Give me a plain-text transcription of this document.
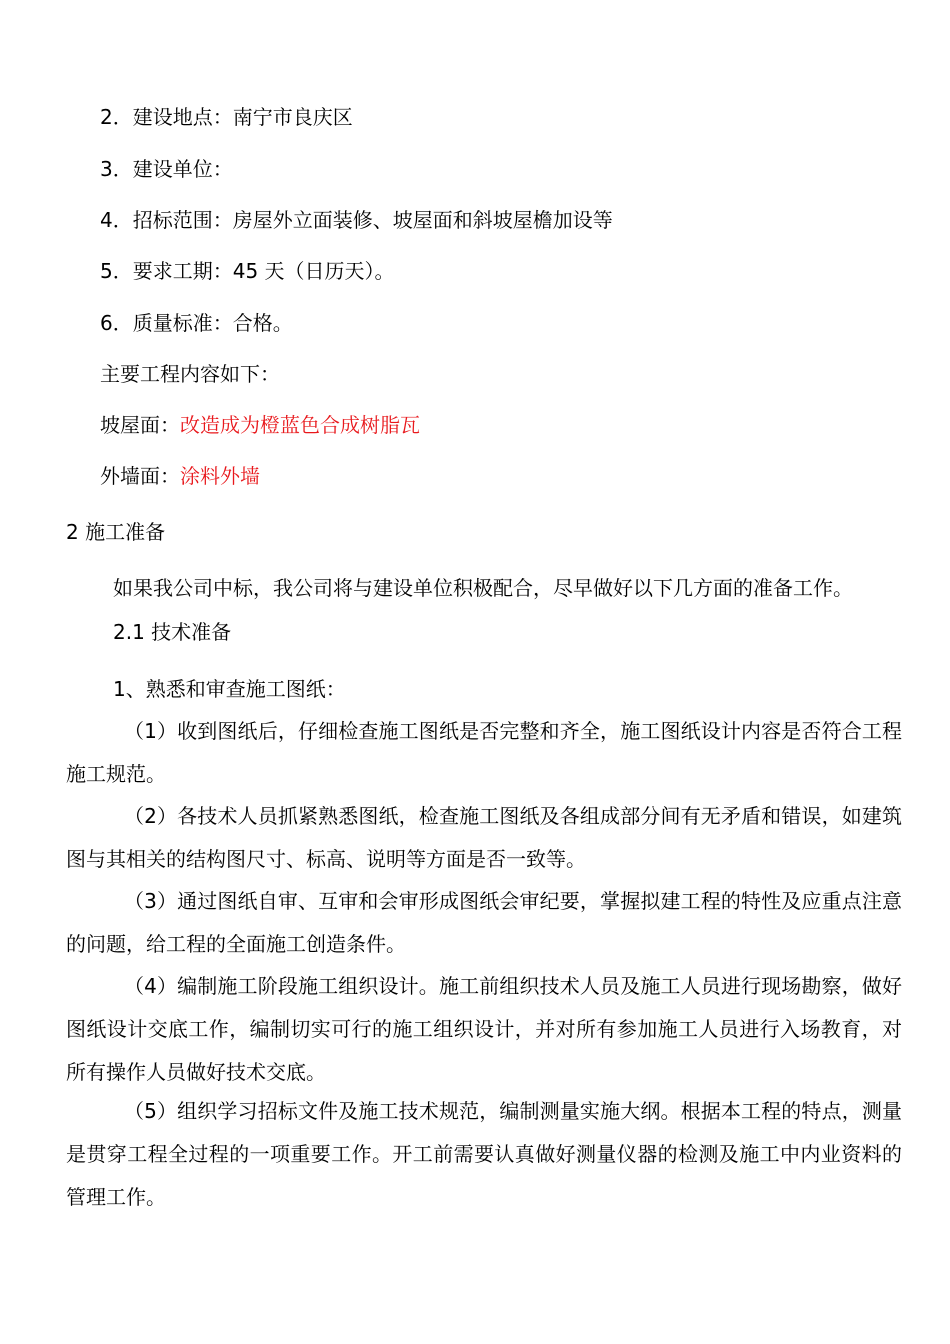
2．建设地点：南宁市良庆区
3．建设单位：
4．招标范围：房屋外立面装修、坡屋面和斜坡屋檐加设等
5．要求工期：45 天（日历天）。
6．质量标准：合格。
主要工程内容如下：
坡屋面：改造成为橙蓝色合成树脂瓦
外墙面：涂料外墙
2 施工准备
如果我公司中标，我公司将与建设单位积极配合，尽早做好以下几方面的准备工作。
2.1 技术准备
1、熟悉和审查施工图纸：
（1）收到图纸后，仔细检查施工图纸是否完整和齐全，施工图纸设计内容是否符合工程施工规范。
（2）各技术人员抓紧熟悉图纸，检查施工图纸及各组成部分间有无矛盾和错误，如建筑图与其相关的结构图尺寸、标高、说明等方面是否一致等。
（3）通过图纸自审、互审和会审形成图纸会审纪要，掌握拟建工程的特性及应重点注意的问题，给工程的全面施工创造条件。
（4）编制施工阶段施工组织设计。施工前组织技术人员及施工人员进行现场勘察，做好图纸设计交底工作，编制切实可行的施工组织设计，并对所有参加施工人员进行入场教育，对所有操作人员做好技术交底。
（5）组织学习招标文件及施工技术规范，编制测量实施大纲。根据本工程的特点，测量是贯穿工程全过程的一项重要工作。开工前需要认真做好测量仪器的检测及施工中内业资料的管理工作。
